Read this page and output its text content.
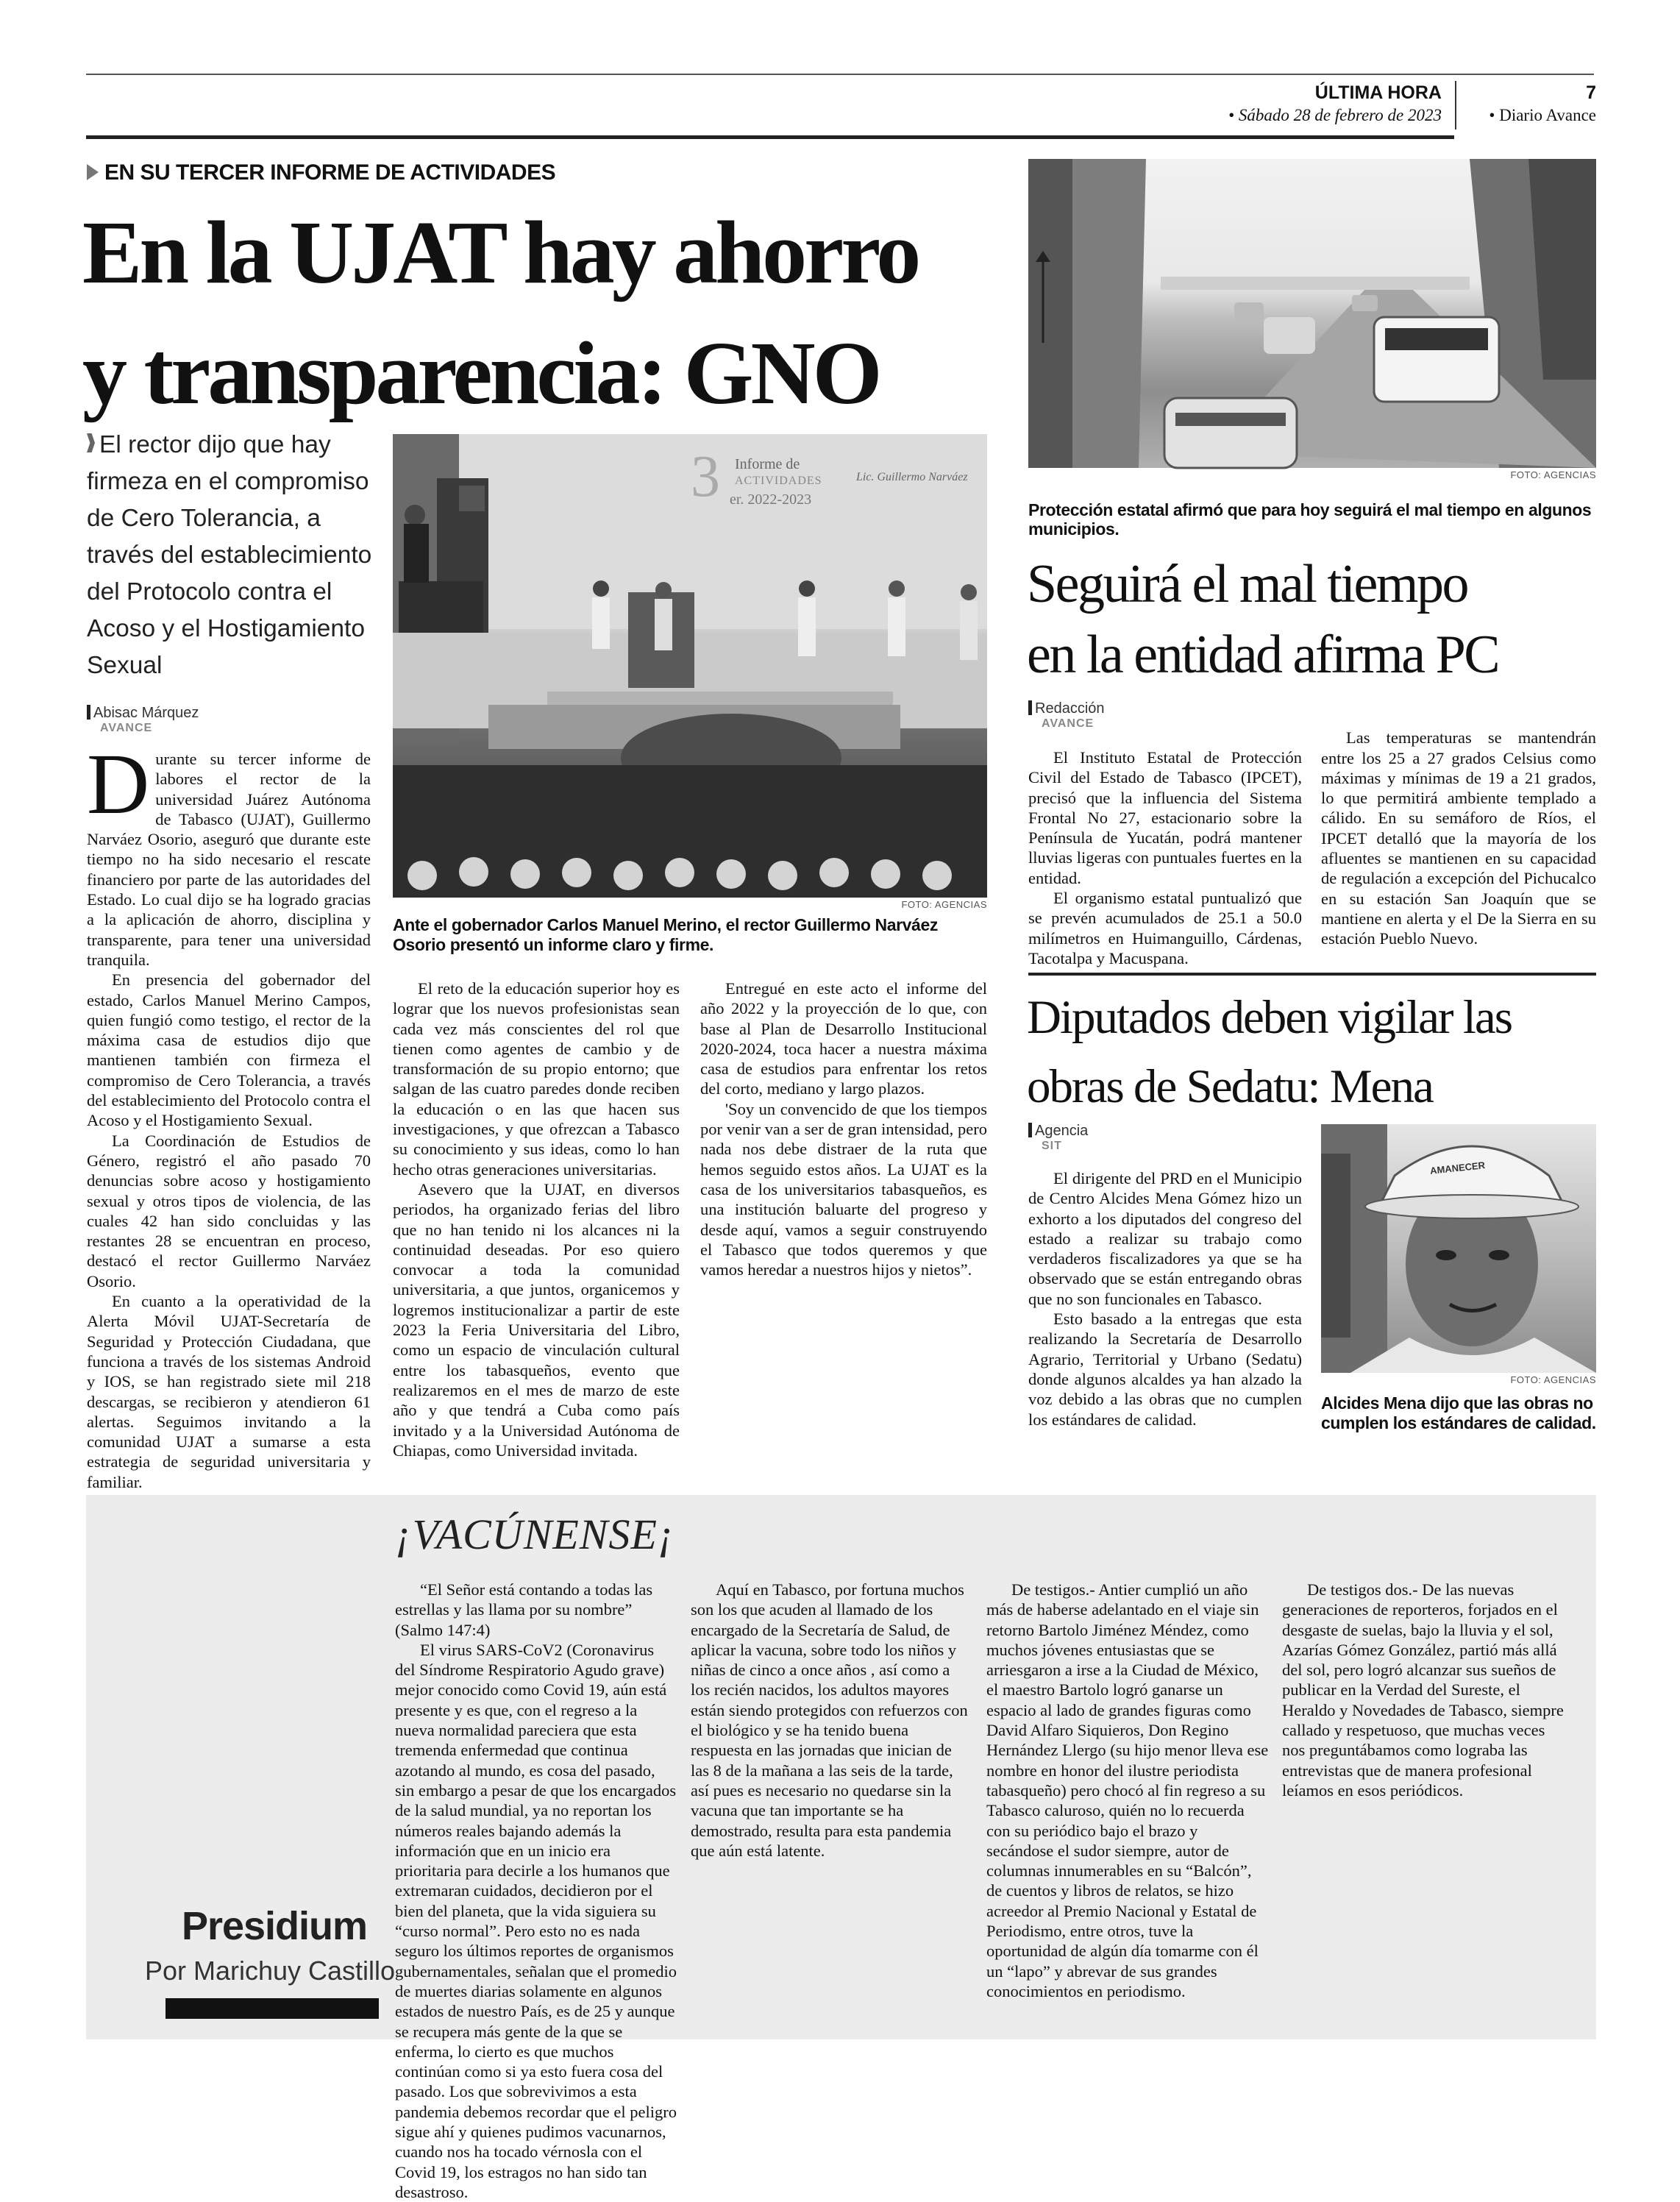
ÚLTIMA HORA
• Sábado 28 de febrero de 2023
7
• Diario Avance
EN SU TERCER INFORME DE ACTIVIDADES
En la UJAT hay ahorro
y transparencia: GNO
El rector dijo que hay firmeza en el compromiso de Cero Tolerancia, a través del establecimiento del Protocolo contra el Acoso y el Hostigamiento Sexual
Abisac Márquez
AVANCE
3 Informe de
ACTIVIDADES
er. 2022-2023
Lic. Guillermo Narváez
FOTO: AGENCIAS
Ante el gobernador Carlos Manuel Merino, el rector Guillermo Narváez Osorio presentó un informe claro y firme.

Durante su tercer informe de labores el rector de la universidad Juárez Autónoma de Tabasco (UJAT), Guillermo Narváez Osorio, aseguró que durante este tiempo no ha sido necesario el rescate financiero por parte de las autoridades del Estado. Lo cual dijo se ha logrado gracias a la aplicación de ahorro, disciplina y transparente, para tener una universidad tranquila.

En presencia del gobernador del estado, Carlos Manuel Merino Campos, quien fungió como testigo, el rector de la máxima casa de estudios dijo que mantienen también con firmeza el compromiso de Cero Tolerancia, a través del establecimiento del Protocolo contra el Acoso y el Hostigamiento Sexual.

La Coordinación de Estudios de Género, registró el año pasado 70 denuncias sobre acoso y hostigamiento sexual y otros tipos de violencia, de las cuales 42 han sido concluidas y las restantes 28 se encuentran en proceso, destacó el rector Guillermo Narváez Osorio.

En cuanto a la operatividad de la Alerta Móvil UJAT-Secretaría de Seguridad y Protección Ciudadana, que funciona a través de los sistemas Android y IOS, se han registrado siete mil 218 descargas, se recibieron y atendieron 61 alertas. Seguimos invitando a la comunidad UJAT a sumarse a esta estrategia de seguridad universitaria y familiar.

El reto de la educación superior hoy es lograr que los nuevos profesionistas sean cada vez más conscientes del rol que tienen como agentes de cambio y de transformación de su propio entorno; que salgan de las cuatro paredes donde reciben la educación o en las que hacen sus investigaciones, y que ofrezcan a Tabasco su conocimiento y sus ideas, como lo han hecho otras generaciones universitarias.

Asevero que la UJAT, en diversos periodos, ha organizado ferias del libro que no han tenido ni los alcances ni la continuidad deseadas. Por eso quiero convocar a toda la comunidad universitaria, a que juntos, organicemos y logremos institucionalizar a partir de este 2023 la Feria Universitaria del Libro, como un espacio de vinculación cultural entre los tabasqueños, evento que realizaremos en el mes de marzo de este año y que tendrá a Cuba como país invitado y a la Universidad Autónoma de Chiapas, como Universidad invitada.

Entregué en este acto el informe del año 2022 y la proyección de lo que, con base al Plan de Desarrollo Institucional 2020-2024, toca hacer a nuestra máxima casa de estudios para enfrentar los retos del corto, mediano y largo plazos.

'Soy un convencido de que los tiempos por venir van a ser de gran intensidad, pero nada nos debe distraer de la ruta que hemos seguido estos años. La UJAT es la casa de los universitarios tabasqueños, es una institución baluarte del progreso y desde aquí, vamos a seguir construyendo el Tabasco que todos queremos y que vamos heredar a nuestros hijos y nietos”.

FOTO: AGENCIAS
Protección estatal afirmó que para hoy seguirá el mal tiempo en algunos municipios.
Seguirá el mal tiempo
en la entidad afirma PC
Redacción
AVANCE

El Instituto Estatal de Protección Civil del Estado de Tabasco (IPCET), precisó que la influencia del Sistema Frontal No 27, estacionario sobre la Península de Yucatán, podrá mantener lluvias ligeras con puntuales fuertes en la entidad.

El organismo estatal puntualizó que se prevén acumulados de 25.1 a 50.0 milímetros en Huimanguillo, Cárdenas, Tacotalpa y Macuspana.

Las temperaturas se mantendrán entre los 25 a 27 grados Celsius como máximas y mínimas de 19 a 21 grados, lo que permitirá ambiente templado a cálido. En su semáforo de Ríos, el IPCET detalló que la mayoría de los afluentes se mantienen en su capacidad de regulación a excepción del Pichucalco en su estación San Joaquín que se mantiene en alerta y el De la Sierra en su estación Pueblo Nuevo.

Diputados deben vigilar las
obras de Sedatu: Mena
Agencia
SIT

El dirigente del PRD en el Municipio de Centro Alcides Mena Gómez hizo un exhorto a los diputados del congreso del estado a realizar su trabajo como verdaderos fiscalizadores ya que se ha observado que se están entregando obras que no son funcionales en Tabasco.

Esto basado a la entregas que esta realizando la Secretaría de Desarrollo Agrario, Territorial y Urbano (Sedatu) donde algunos alcaldes ya han alzado la voz debido a las obras que no cumplen los estándares de calidad.

AMANECER
FOTO: AGENCIAS
Alcides Mena dijo que las obras no cumplen los estándares de calidad.
¡VACÚNENSE¡
Presidium
Por Marichuy Castillo

“El Señor está contando a todas las estrellas y las llama por su nombre” (Salmo 147:4)

El virus SARS-CoV2 (Coronavirus del Síndrome Respiratorio Agudo grave) mejor conocido como Covid 19, aún está presente y es que, con el regreso a la nueva normalidad pareciera que esta tremenda enfermedad que continua azotando al mundo, es cosa del pasado, sin embargo a pesar de que los encargados de la salud mundial, ya no reportan los números reales bajando además la información que en un inicio era prioritaria para decirle a los humanos que extremaran cuidados, decidieron por el bien del planeta, que la vida siguiera su “curso normal”. Pero esto no es nada seguro los últimos reportes de organismos gubernamentales, señalan que el promedio de muertes diarias solamente en algunos estados de nuestro País, es de 25 y aunque se recupera más gente de la que se enferma, lo cierto es que muchos continúan como si ya esto fuera cosa del pasado. Los que sobrevivimos a esta pandemia debemos recordar que el peligro sigue ahí y quienes pudimos vacunarnos, cuando nos ha tocado vérnosla con el Covid 19, los estragos no han sido tan desastroso.

Aquí en Tabasco, por fortuna muchos son los que acuden al llamado de los encargado de la Secretaría de Salud, de aplicar la vacuna, sobre todo los niños y niñas de cinco a once años , así como a los recién nacidos, los adultos mayores están siendo protegidos con refuerzos con el biológico y se ha tenido buena respuesta en las jornadas que inician de las 8 de la mañana a las seis de la tarde, así pues es necesario no quedarse sin la vacuna que tan importante se ha demostrado, resulta para esta pandemia que aún está latente.

De testigos.- Antier cumplió un año más de haberse adelantado en el viaje sin retorno Bartolo Jiménez Méndez, como muchos jóvenes entusiastas que se arriesgaron a irse a la Ciudad de México, el maestro Bartolo logró ganarse un espacio al lado de grandes figuras como David Alfaro Siquieros, Don Regino Hernández Llergo (su hijo menor lleva ese nombre en honor del ilustre periodista tabasqueño) pero chocó al fin regreso a su Tabasco caluroso, quién no lo recuerda con su periódico bajo el brazo y secándose el sudor siempre, autor de columnas innumerables en su “Balcón”, de cuentos y libros de relatos, se hizo acreedor al Premio Nacional y Estatal de Periodismo, entre otros, tuve la oportunidad de algún día tomarme con él un “lapo” y abrevar de sus grandes conocimientos en periodismo.

De testigos dos.- De las nuevas generaciones de reporteros, forjados en el desgaste de suelas, bajo la lluvia y el sol, Azarías Gómez González, partió más allá del sol, pero logró alcanzar sus sueños de publicar en la Verdad del Sureste, el Heraldo y Novedades de Tabasco, siempre callado y respetuoso, que muchas veces nos preguntábamos como lograba las entrevistas que de manera profesional leíamos en esos periódicos.
